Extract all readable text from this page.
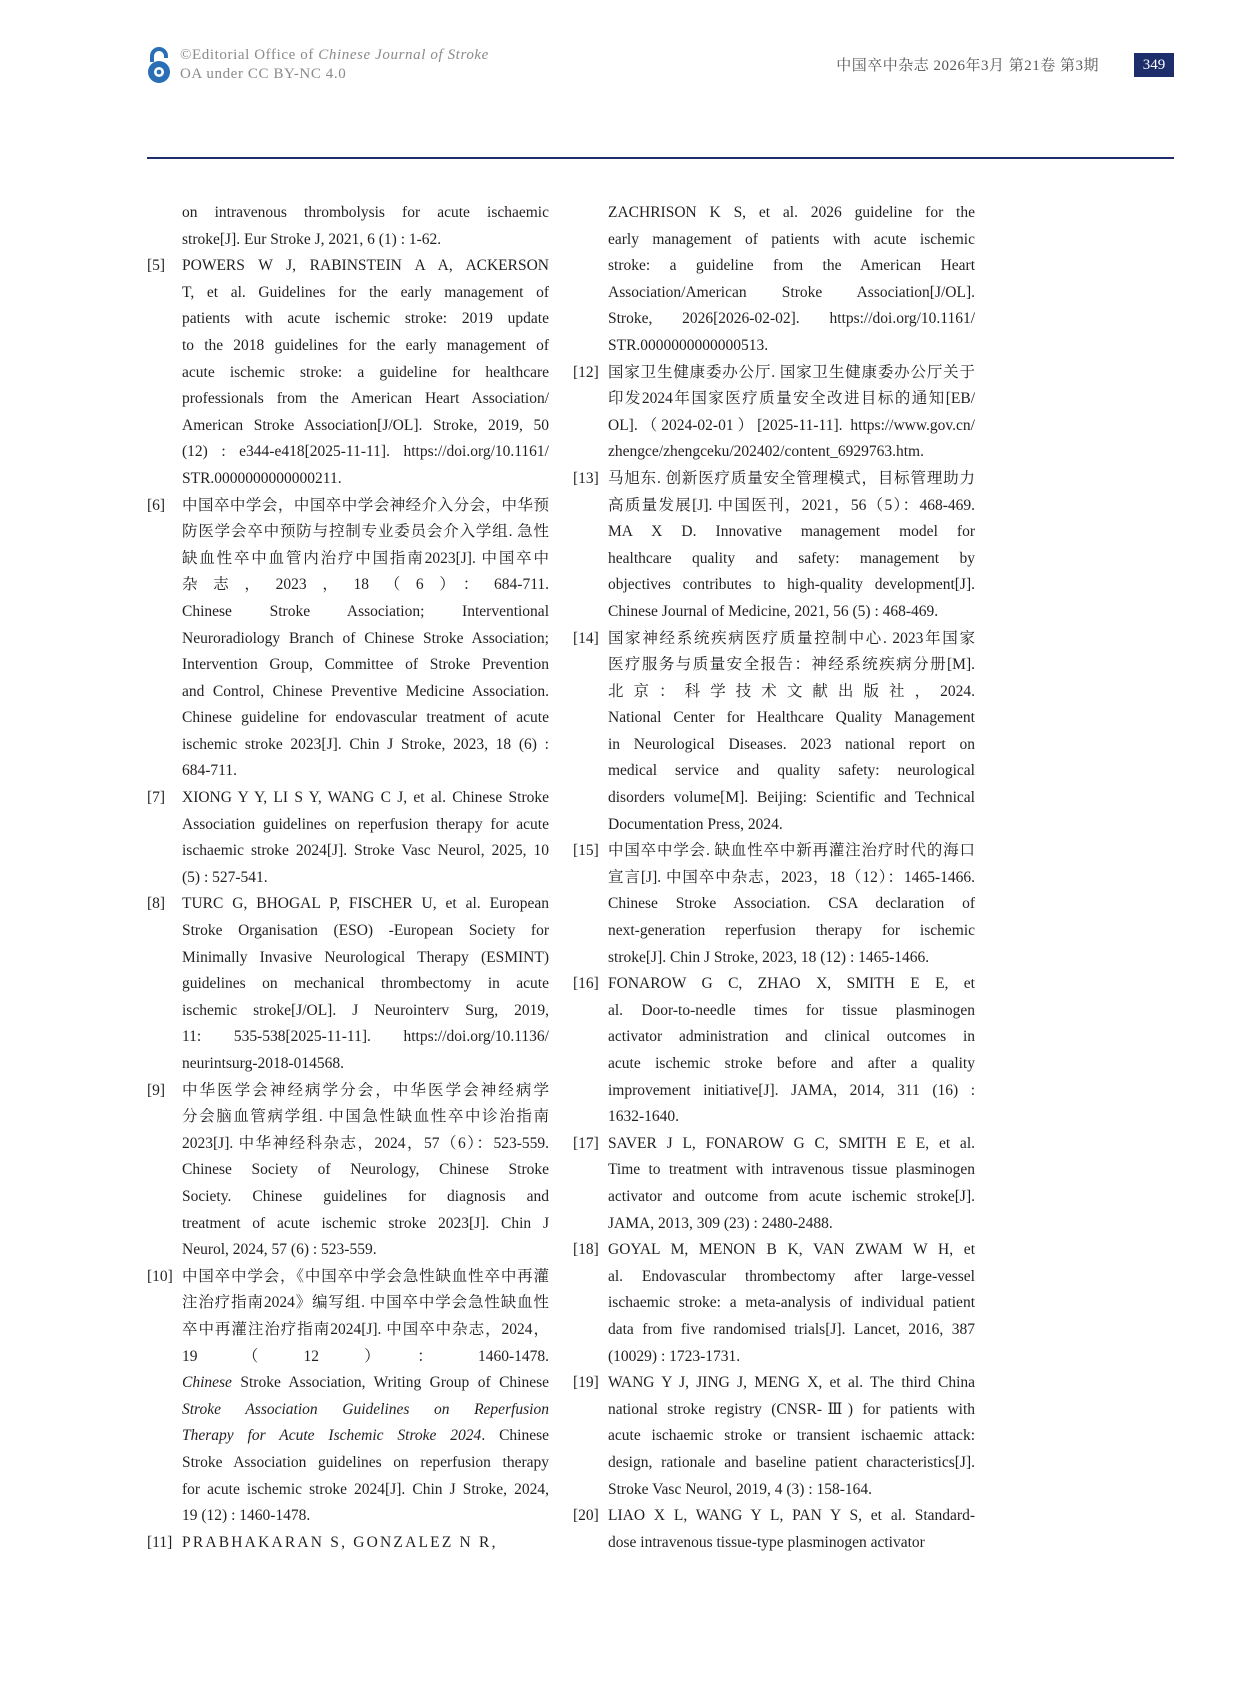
©Editorial Office of Chinese Journal of Stroke
OA under CC BY-NC 4.0	中国卒中杂志 2026年3月 第21卷 第3期	349
on intravenous thrombolysis for acute ischaemic
stroke[J]. Eur Stroke J, 2021, 6 (1) : 1-62.
[5] POWERS W J, RABINSTEIN A A, ACKERSON
T, et al. Guidelines for the early management of
patients with acute ischemic stroke: 2019 update
to the 2018 guidelines for the early management of
acute ischemic stroke: a guideline for healthcare
professionals from the American Heart Association/
American Stroke Association[J/OL]. Stroke, 2019, 50
(12) : e344-e418[2025-11-11]. https://doi.org/10.1161/
STR.0000000000000211.
[6] 中国卒中学会，中国卒中学会神经介入分会，中华预
防医学会卒中预防与控制专业委员会介入学组. 急性
缺血性卒中血管内治疗中国指南2023[J]. 中国卒中
杂志，2023，18（6）：684-711.
Chinese Stroke Association; Interventional
Neuroradiology Branch of Chinese Stroke Association;
Intervention Group, Committee of Stroke Prevention
and Control, Chinese Preventive Medicine Association.
Chinese guideline for endovascular treatment of acute
ischemic stroke 2023[J]. Chin J Stroke, 2023, 18 (6) :
684-711.
[7] XIONG Y Y, LI S Y, WANG C J, et al. Chinese Stroke
Association guidelines on reperfusion therapy for acute
ischaemic stroke 2024[J]. Stroke Vasc Neurol, 2025, 10
(5) : 527-541.
[8] TURC G, BHOGAL P, FISCHER U, et al. European
Stroke Organisation (ESO) -European Society for
Minimally Invasive Neurological Therapy (ESMINT)
guidelines on mechanical thrombectomy in acute
ischemic stroke[J/OL]. J Neurointerv Surg, 2019,
11: 535-538[2025-11-11]. https://doi.org/10.1136/
neurintsurg-2018-014568.
[9] 中华医学会神经病学分会，中华医学会神经病学
分会脑血管病学组. 中国急性缺血性卒中诊治指南
2023[J]. 中华神经科杂志，2024，57（6）：523-559.
Chinese Society of Neurology, Chinese Stroke
Society. Chinese guidelines for diagnosis and
treatment of acute ischemic stroke 2023[J]. Chin J
Neurol, 2024, 57 (6) : 523-559.
[10] 中国卒中学会，《中国卒中学会急性缺血性卒中再灌
注治疗指南2024》编写组. 中国卒中学会急性缺血性
卒中再灌注治疗指南2024[J]. 中国卒中杂志，2024，
19（12）：1460-1478.
Chinese Stroke Association, Writing Group of Chinese
Stroke Association Guidelines on Reperfusion
Therapy for Acute Ischemic Stroke 2024. Chinese
Stroke Association guidelines on reperfusion therapy
for acute ischemic stroke 2024[J]. Chin J Stroke, 2024,
19 (12) : 1460-1478.
[11] PRABHAKARAN S, GONZALEZ N R,
ZACHRISON K S, et al. 2026 guideline for the
early management of patients with acute ischemic
stroke: a guideline from the American Heart
Association/American Stroke Association[J/OL].
Stroke, 2026[2026-02-02]. https://doi.org/10.1161/
STR.0000000000000513.
[12] 国家卫生健康委办公厅. 国家卫生健康委办公厅关于
印发2024年国家医疗质量安全改进目标的通知[EB/
OL].（2024-02-01）[2025-11-11]. https://www.gov.cn/
zhengce/zhengceku/202402/content_6929763.htm.
[13] 马旭东. 创新医疗质量安全管理模式，目标管理助力
高质量发展[J]. 中国医刊，2021，56（5）：468-469.
MA X D. Innovative management model for
healthcare quality and safety: management by
objectives contributes to high-quality development[J].
Chinese Journal of Medicine, 2021, 56 (5) : 468-469.
[14] 国家神经系统疾病医疗质量控制中心. 2023年国家
医疗服务与质量安全报告：神经系统疾病分册[M].
北京：科学技术文献出版社，2024.
National Center for Healthcare Quality Management
in Neurological Diseases. 2023 national report on
medical service and quality safety: neurological
disorders volume[M]. Beijing: Scientific and Technical
Documentation Press, 2024.
[15] 中国卒中学会. 缺血性卒中新再灌注治疗时代的海口
宣言[J]. 中国卒中杂志，2023，18（12）：1465-1466.
Chinese Stroke Association. CSA declaration of
next-generation reperfusion therapy for ischemic
stroke[J]. Chin J Stroke, 2023, 18 (12) : 1465-1466.
[16] FONAROW G C, ZHAO X, SMITH E E, et
al. Door-to-needle times for tissue plasminogen
activator administration and clinical outcomes in
acute ischemic stroke before and after a quality
improvement initiative[J]. JAMA, 2014, 311 (16) :
1632-1640.
[17] SAVER J L, FONAROW G C, SMITH E E, et al.
Time to treatment with intravenous tissue plasminogen
activator and outcome from acute ischemic stroke[J].
JAMA, 2013, 309 (23) : 2480-2488.
[18] GOYAL M, MENON B K, VAN ZWAM W H, et
al. Endovascular thrombectomy after large-vessel
ischaemic stroke: a meta-analysis of individual patient
data from five randomised trials[J]. Lancet, 2016, 387
(10029) : 1723-1731.
[19] WANG Y J, JING J, MENG X, et al. The third China
national stroke registry (CNSR-Ⅲ) for patients with
acute ischaemic stroke or transient ischaemic attack:
design, rationale and baseline patient characteristics[J].
Stroke Vasc Neurol, 2019, 4 (3) : 158-164.
[20] LIAO X L, WANG Y L, PAN Y S, et al. Standard-
dose intravenous tissue-type plasminogen activator
